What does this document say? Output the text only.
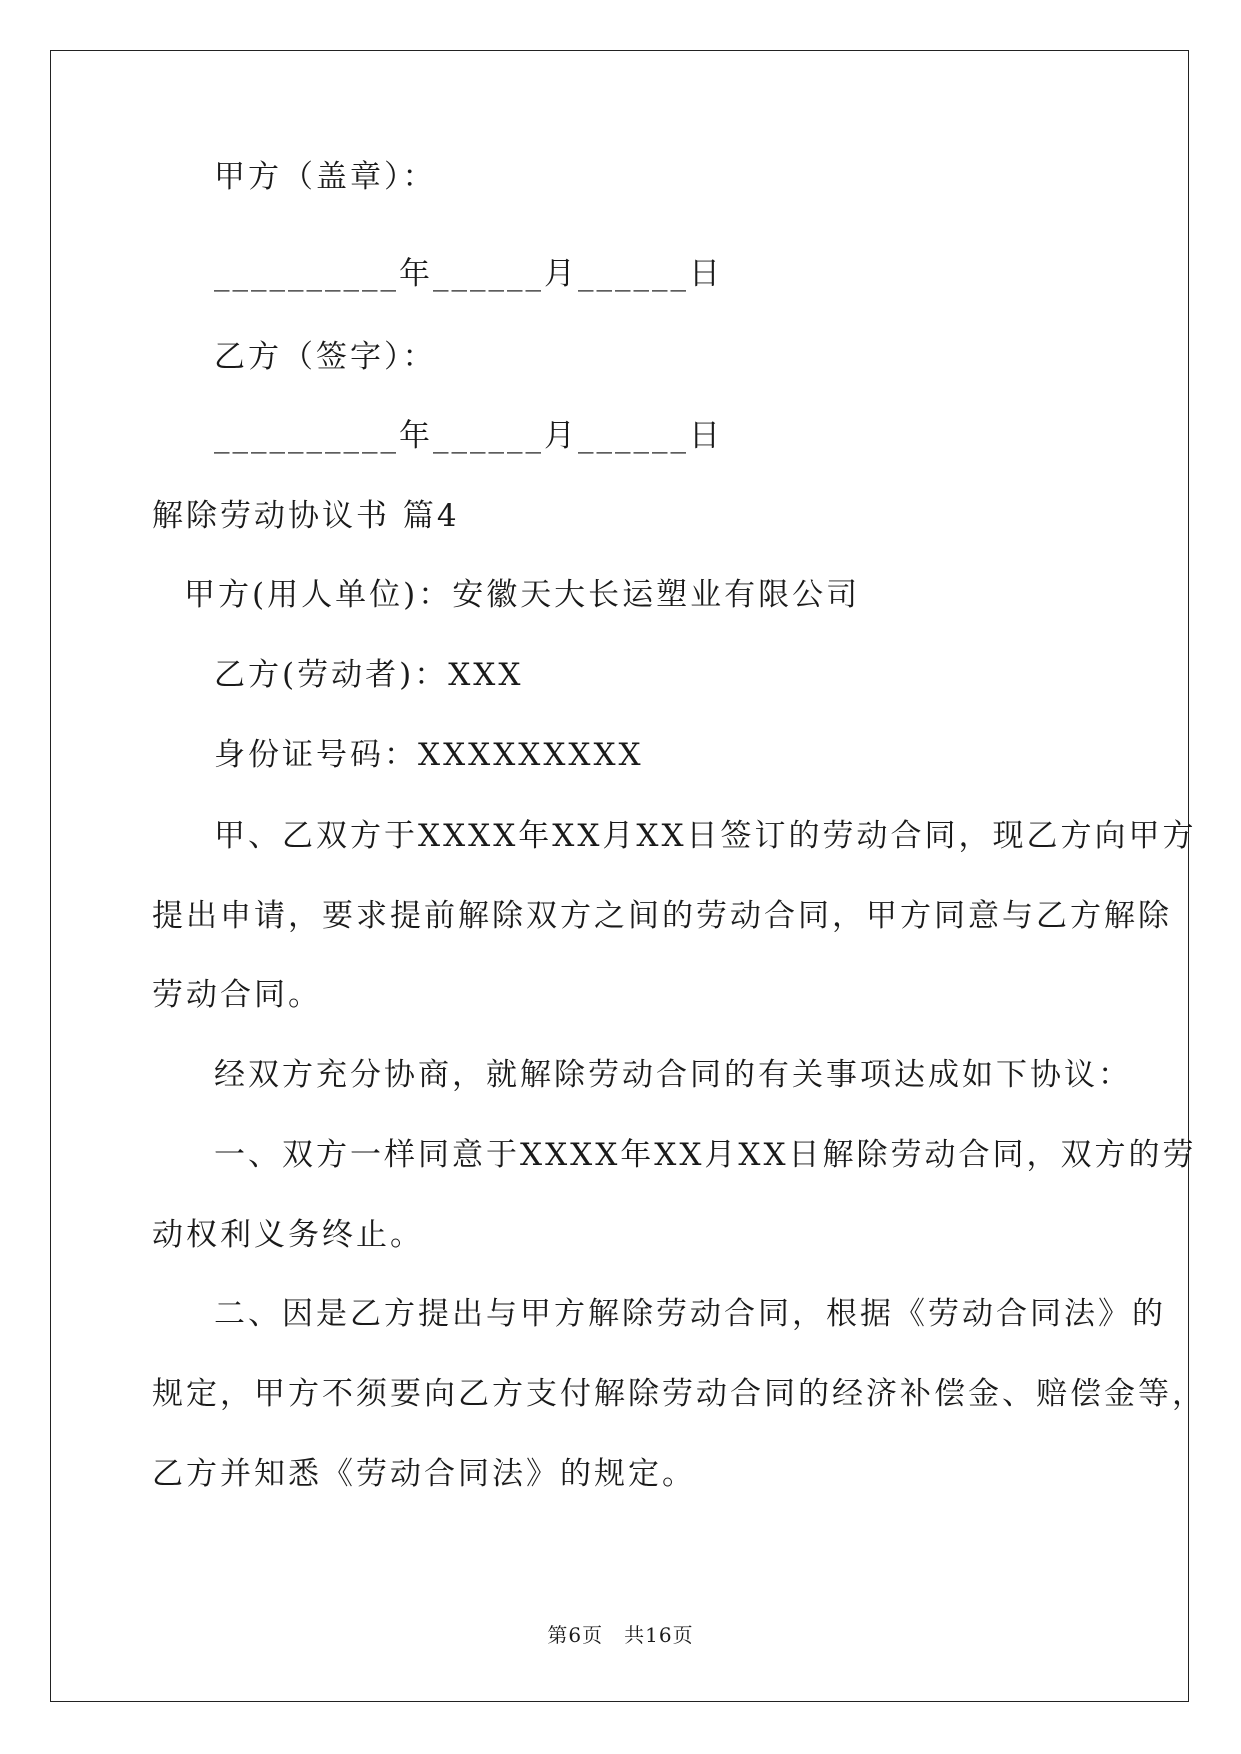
甲方（盖章）：
__________年______月______日
乙方（签字）：
__________年______月______日
解除劳动协议书 篇4
甲方(用人单位)：安徽天大长运塑业有限公司
乙方(劳动者)：XXX
身份证号码：XXXXXXXXX
甲、乙双方于XXXX年XX月XX日签订的劳动合同，现乙方向甲方
提出申请，要求提前解除双方之间的劳动合同，甲方同意与乙方解除
劳动合同。
经双方充分协商，就解除劳动合同的有关事项达成如下协议：
一、双方一样同意于XXXX年XX月XX日解除劳动合同，双方的劳
动权利义务终止。
二、因是乙方提出与甲方解除劳动合同，根据《劳动合同法》的
规定，甲方不须要向乙方支付解除劳动合同的经济补偿金、赔偿金等，
乙方并知悉《劳动合同法》的规定。
第6页　共16页
